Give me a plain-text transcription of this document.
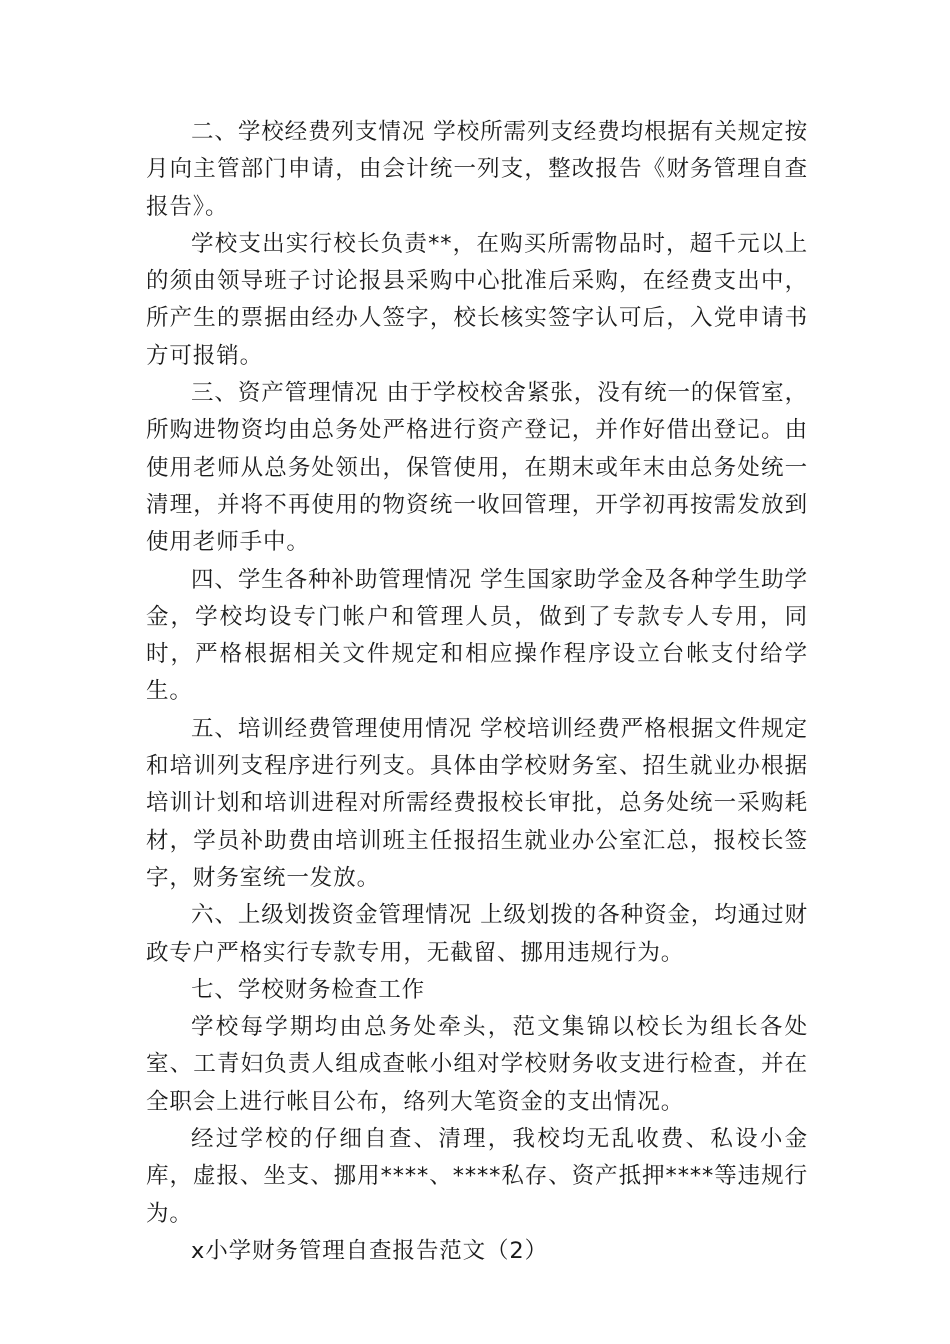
二、学校经费列支情况 学校所需列支经费均根据有关规定按月向主管部门申请，由会计统一列支，整改报告《财务管理自查报告》。

学校支出实行校长负责**，在购买所需物品时，超千元以上的须由领导班子讨论报县采购中心批准后采购，在经费支出中，所产生的票据由经办人签字，校长核实签字认可后，入党申请书方可报销。

三、资产管理情况 由于学校校舍紧张，没有统一的保管室，所购进物资均由总务处严格进行资产登记，并作好借出登记。由使用老师从总务处领出，保管使用，在期末或年末由总务处统一清理，并将不再使用的物资统一收回管理，开学初再按需发放到使用老师手中。

四、学生各种补助管理情况 学生国家助学金及各种学生助学金，学校均设专门帐户和管理人员，做到了专款专人专用，同时，严格根据相关文件规定和相应操作程序设立台帐支付给学生。

五、培训经费管理使用情况 学校培训经费严格根据文件规定和培训列支程序进行列支。具体由学校财务室、招生就业办根据培训计划和培训进程对所需经费报校长审批，总务处统一采购耗材，学员补助费由培训班主任报招生就业办公室汇总，报校长签字，财务室统一发放。

六、上级划拨资金管理情况 上级划拨的各种资金，均通过财政专户严格实行专款专用，无截留、挪用违规行为。

七、学校财务检查工作

学校每学期均由总务处牵头，范文集锦以校长为组长各处室、工青妇负责人组成查帐小组对学校财务收支进行检查，并在全职会上进行帐目公布，络列大笔资金的支出情况。

经过学校的仔细自查、清理，我校均无乱收费、私设小金库，虚报、坐支、挪用****、****私存、资产抵押****等违规行为。

x小学财务管理自查报告范文（2）
